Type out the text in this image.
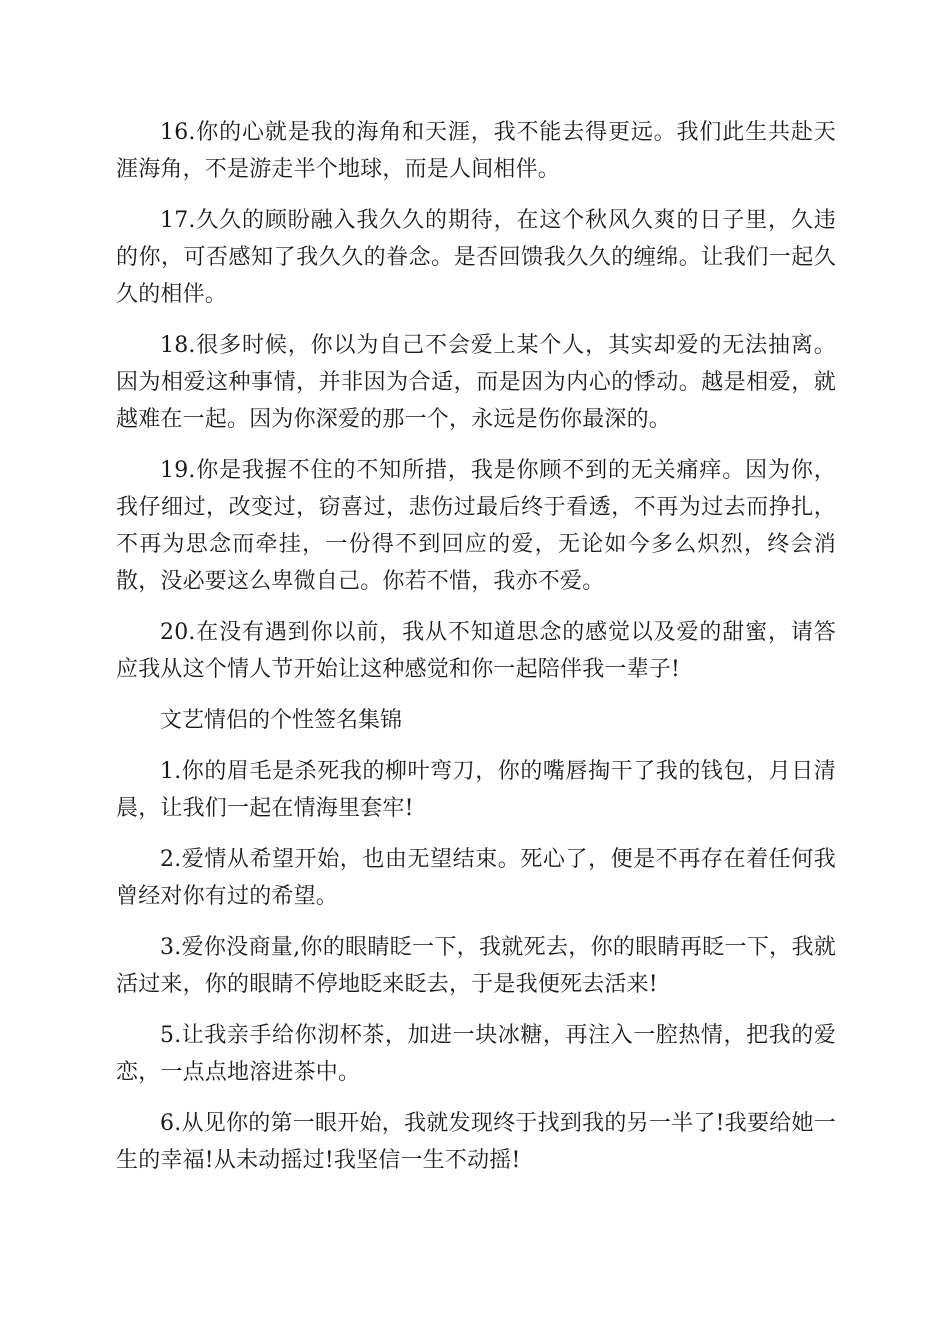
16.你的心就是我的海角和天涯，我不能去得更远。我们此生共赴天涯海角，不是游走半个地球，而是人间相伴。

17.久久的顾盼融入我久久的期待，在这个秋风久爽的日子里，久违的你，可否感知了我久久的眷念。是否回馈我久久的缠绵。让我们一起久久的相伴。

18.很多时候，你以为自己不会爱上某个人，其实却爱的无法抽离。因为相爱这种事情，并非因为合适，而是因为内心的悸动。越是相爱，就越难在一起。因为你深爱的那一个，永远是伤你最深的。

19.你是我握不住的不知所措，我是你顾不到的无关痛痒。因为你，我仔细过，改变过，窃喜过，悲伤过最后终于看透，不再为过去而挣扎，不再为思念而牵挂，一份得不到回应的爱，无论如今多么炽烈，终会消散，没必要这么卑微自己。你若不惜，我亦不爱。

20.在没有遇到你以前，我从不知道思念的感觉以及爱的甜蜜，请答应我从这个情人节开始让这种感觉和你一起陪伴我一辈子!

文艺情侣的个性签名集锦

1.你的眉毛是杀死我的柳叶弯刀，你的嘴唇掏干了我的钱包，月日清晨，让我们一起在情海里套牢!

2.爱情从希望开始，也由无望结束。死心了，便是不再存在着任何我曾经对你有过的希望。

3.爱你没商量,你的眼睛眨一下，我就死去，你的眼睛再眨一下，我就活过来，你的眼睛不停地眨来眨去，于是我便死去活来!

5.让我亲手给你沏杯茶，加进一块冰糖，再注入一腔热情，把我的爱恋，一点点地溶进茶中。

6.从见你的第一眼开始，我就发现终于找到我的另一半了!我要给她一生的幸福!从未动摇过!我坚信一生不动摇!
